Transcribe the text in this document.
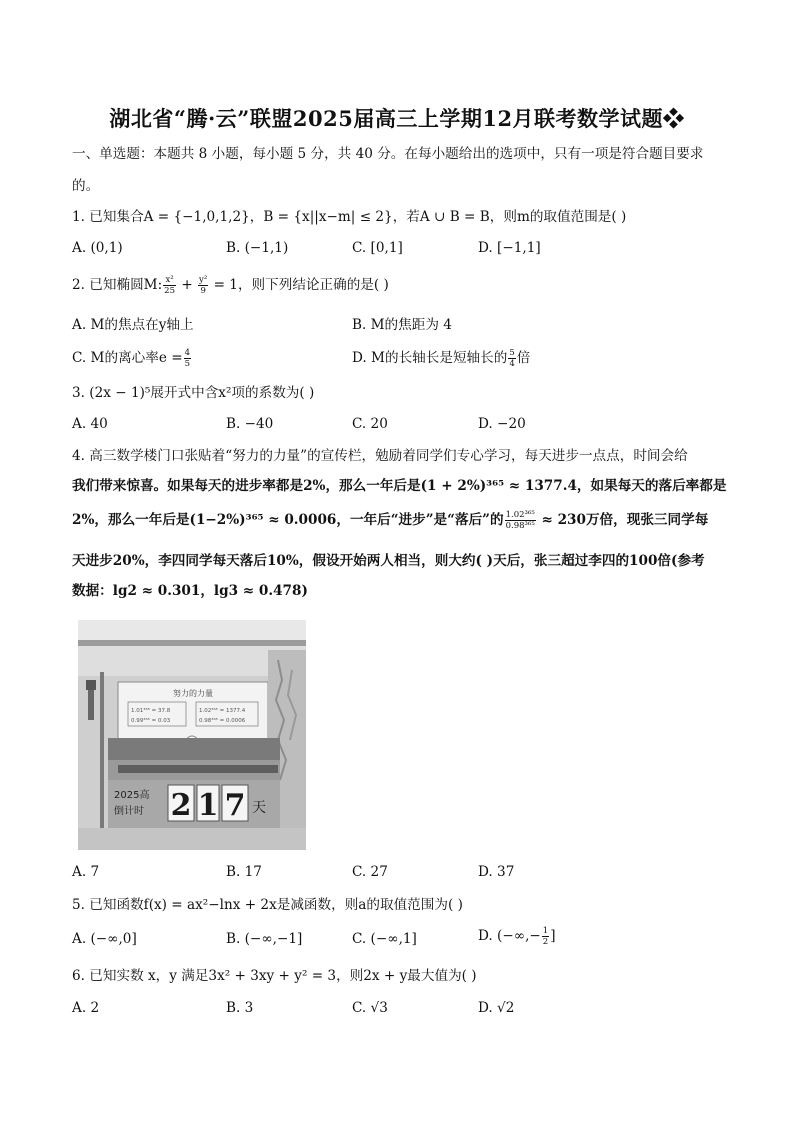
湖北省“腾·云”联盟2025届高三上学期12月联考数学试题❖
一、单选题：本题共 8 小题，每小题 5 分，共 40 分。在每小题给出的选项中，只有一项是符合题目要求
的。
1. 已知集合A = {−1,0,1,2}，B = {x||x−m| ≤ 2}，若A ∪ B = B，则m的取值范围是( )
A. (0,1)	B. (−1,1)	C. [0,1]	D. [−1,1]
2. 已知椭圆M: $\frac{\text{x²}}{25} + \frac{\text{y²}}{9} = 1$，则下列结论正确的是( )
A. M的焦点在y轴上	B. M的焦距为 4
C. M的离心率$e = \frac{4}{5}$	D. M的长轴长是短轴长的 $\frac{5}{4}$ 倍
3. (2x − 1)⁵展开式中含x²项的系数为( )
A. 40	B. −40	C. 20	D. −20
4. 高三数学楼门口张贴着“努力的力量”的宣传栏，勉励着同学们专心学习，每天进步一点点，时间会给
我们带来惊喜。如果每天的进步率都是2%，那么一年后是(1 + 2%)³⁶⁵ ≈ 1377.4，如果每天的落后率都是
2%，那么一年后是(1−2%)³⁶⁵ ≈ 0.0006，一年后“进步”是“落后”的 $\frac{\text{1.02³⁶⁵}}{\text{0.98³⁶⁵}} \approx 230$万倍，现张三同学每
天进步20%，李四同学每天落后10%，假设开始两人相当，则大约( )天后，张三超过李四的100倍(参考
数据：lg2 ≈ 0.301，lg3 ≈ 0.478)
努力的力量
1.01³⁶⁵ = 37.8
0.99³⁶⁵ = 0.03
1.02³⁶⁵ = 1377.4
0.98³⁶⁵ = 0.0006
2025高
倒计时 2 1 7 天
A. 7	B. 17	C. 27	D. 37
5. 已知函数f(x) = ax²−lnx + 2x是减函数，则a的取值范围为( )
A. (−∞,0]	B. (−∞,−1]	C. (−∞,1]	D. (−∞,− $\frac{1}{2}$ ]
6. 已知实数 x，y 满足3x² + 3xy + y² = 3，则2x + y最大值为( )
A. 2	B. 3	C. √3	D. √2
